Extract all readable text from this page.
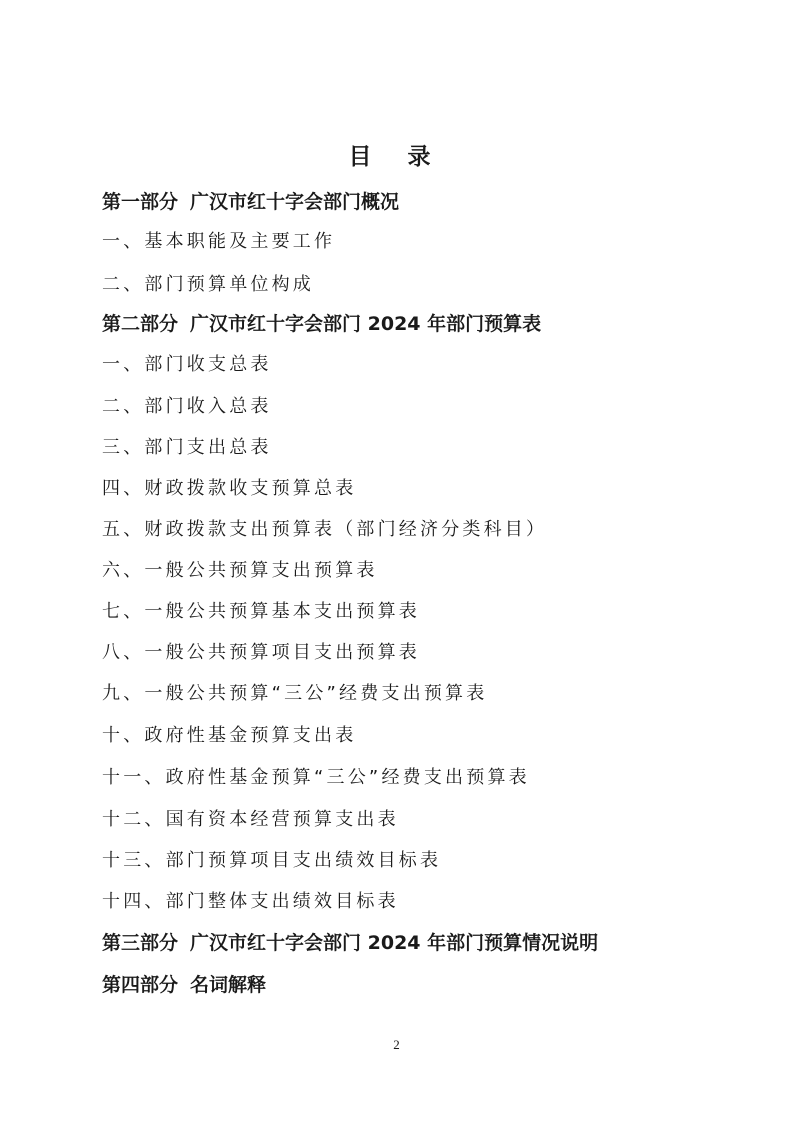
目 录
第一部分 广汉市红十字会部门概况
一、基本职能及主要工作
二、部门预算单位构成
第二部分 广汉市红十字会部门 2024 年部门预算表
一、部门收支总表
二、部门收入总表
三、部门支出总表
四、财政拨款收支预算总表
五、财政拨款支出预算表（部门经济分类科目）
六、一般公共预算支出预算表
七、一般公共预算基本支出预算表
八、一般公共预算项目支出预算表
九、一般公共预算“三公”经费支出预算表
十、政府性基金预算支出表
十一、政府性基金预算“三公”经费支出预算表
十二、国有资本经营预算支出表
十三、部门预算项目支出绩效目标表
十四、部门整体支出绩效目标表
第三部分 广汉市红十字会部门 2024 年部门预算情况说明
第四部分 名词解释
2
